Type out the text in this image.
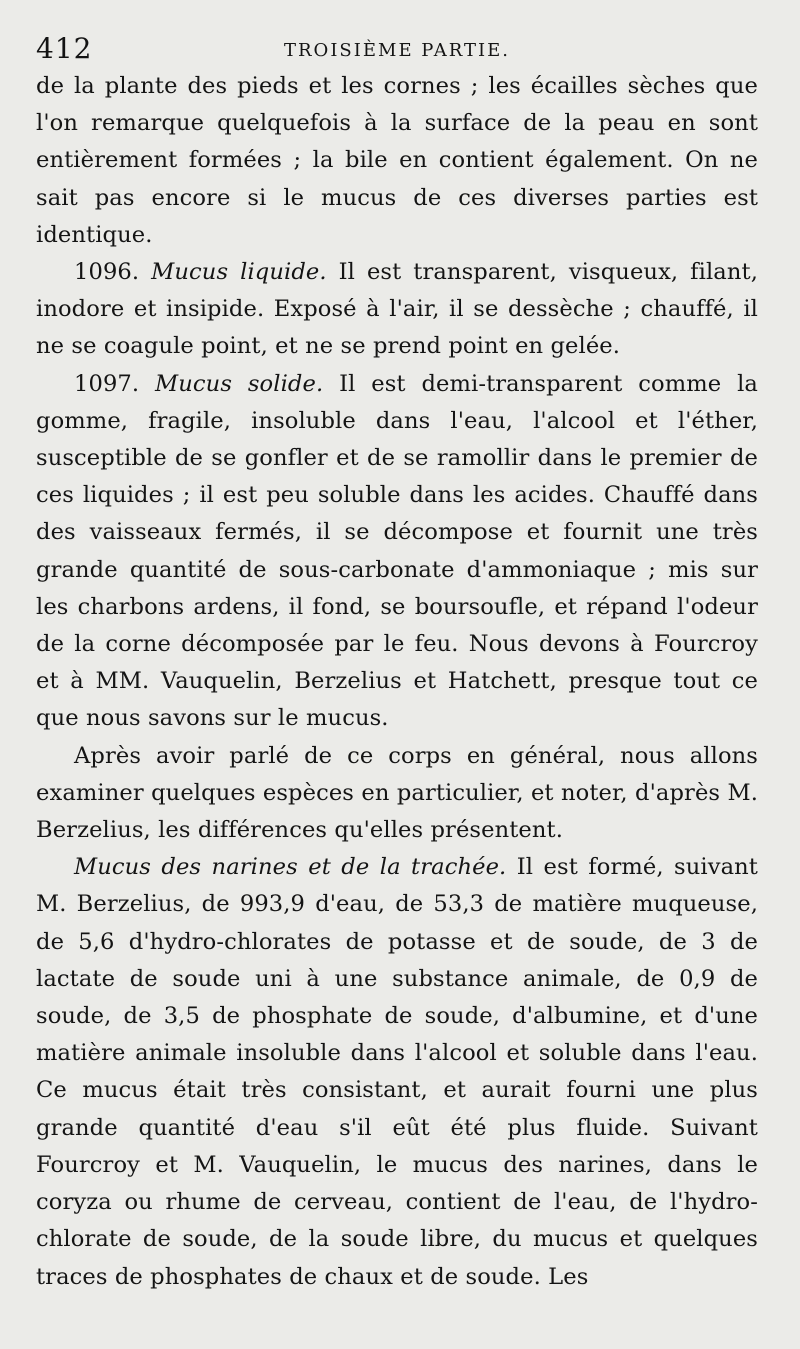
412	TROISIÈME PARTIE.

de la plante des pieds et les cornes ; les écailles sèches que l'on remarque quelquefois à la surface de la peau en sont entièrement formées ; la bile en contient également. On ne sait pas encore si le mucus de ces diverses parties est identique.

1096. Mucus liquide. Il est transparent, visqueux, filant, inodore et insipide. Exposé à l'air, il se dessèche ; chauffé, il ne se coagule point, et ne se prend point en gelée.

1097. Mucus solide. Il est demi-transparent comme la gomme, fragile, insoluble dans l'eau, l'alcool et l'éther, susceptible de se gonfler et de se ramollir dans le premier de ces liquides ; il est peu soluble dans les acides. Chauffé dans des vaisseaux fermés, il se décompose et fournit une très grande quantité de sous-carbonate d'ammoniaque ; mis sur les charbons ardens, il fond, se boursoufle, et répand l'odeur de la corne décomposée par le feu. Nous devons à Fourcroy et à MM. Vauquelin, Berzelius et Hatchett, presque tout ce que nous savons sur le mucus.

Après avoir parlé de ce corps en général, nous allons examiner quelques espèces en particulier, et noter, d'après M. Berzelius, les différences qu'elles présentent.

Mucus des narines et de la trachée. Il est formé, suivant M. Berzelius, de 993,9 d'eau, de 53,3 de matière muqueuse, de 5,6 d'hydro-chlorates de potasse et de soude, de 3 de lactate de soude uni à une substance animale, de 0,9 de soude, de 3,5 de phosphate de soude, d'albumine, et d'une matière animale insoluble dans l'alcool et soluble dans l'eau. Ce mucus était très consistant, et aurait fourni une plus grande quantité d'eau s'il eût été plus fluide. Suivant Fourcroy et M. Vauquelin, le mucus des narines, dans le coryza ou rhume de cerveau, contient de l'eau, de l'hydro-chlorate de soude, de la soude libre, du mucus et quelques traces de phosphates de chaux et de soude. Les
